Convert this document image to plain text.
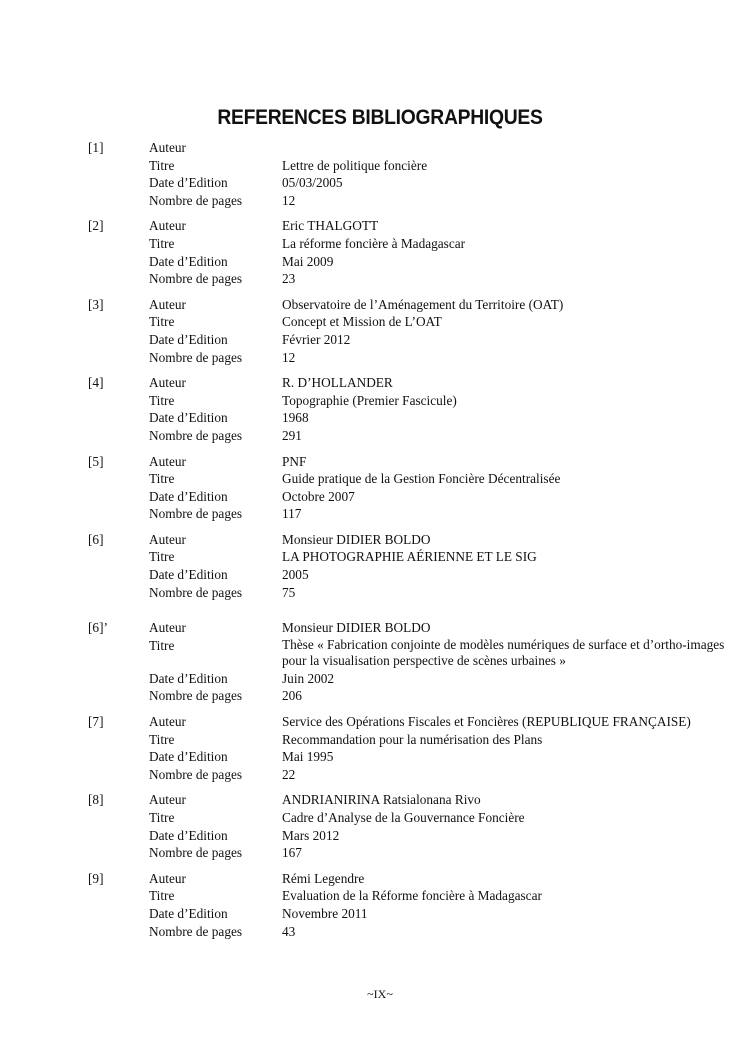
REFERENCES BIBLIOGRAPHIQUES
[1]	Auteur
Titre	Lettre de politique foncière
Date d’Edition	05/03/2005
Nombre de pages	12
[2]	Auteur	Eric THALGOTT
Titre	La réforme foncière à Madagascar
Date d’Edition	Mai 2009
Nombre de pages	23
[3]	Auteur	Observatoire de l’Aménagement du Territoire (OAT)
Titre	Concept et Mission de L’OAT
Date d’Edition	Février 2012
Nombre de pages	12
[4]	Auteur	R. D’HOLLANDER
Titre	Topographie (Premier Fascicule)
Date d’Edition	1968
Nombre de pages	291
[5]	Auteur	PNF
Titre	Guide pratique de la Gestion Foncière Décentralisée
Date d’Edition	Octobre 2007
Nombre de pages	117
[6]	Auteur	Monsieur DIDIER BOLDO
Titre	LA PHOTOGRAPHIE AÉRIENNE ET LE SIG
Date d’Edition	2005
Nombre de pages	75
[6]’	Auteur	Monsieur DIDIER BOLDO
Titre	Thèse « Fabrication conjointe de modèles numériques de surface et d’ortho-images pour la visualisation perspective de scènes urbaines »
Date d’Edition	Juin 2002
Nombre de pages	206
[7]	Auteur	Service des Opérations Fiscales et Foncières (REPUBLIQUE FRANÇAISE)
Titre	Recommandation pour la numérisation des Plans
Date d’Edition	Mai 1995
Nombre de pages	22
[8]	Auteur	ANDRIANIRINA Ratsialonana Rivo
Titre	Cadre d’Analyse de la Gouvernance Foncière
Date d’Edition	Mars 2012
Nombre de pages	167
[9]	Auteur	Rémi Legendre
Titre	Evaluation de la Réforme foncière à Madagascar
Date d’Edition	Novembre 2011
Nombre de pages	43
~IX~
